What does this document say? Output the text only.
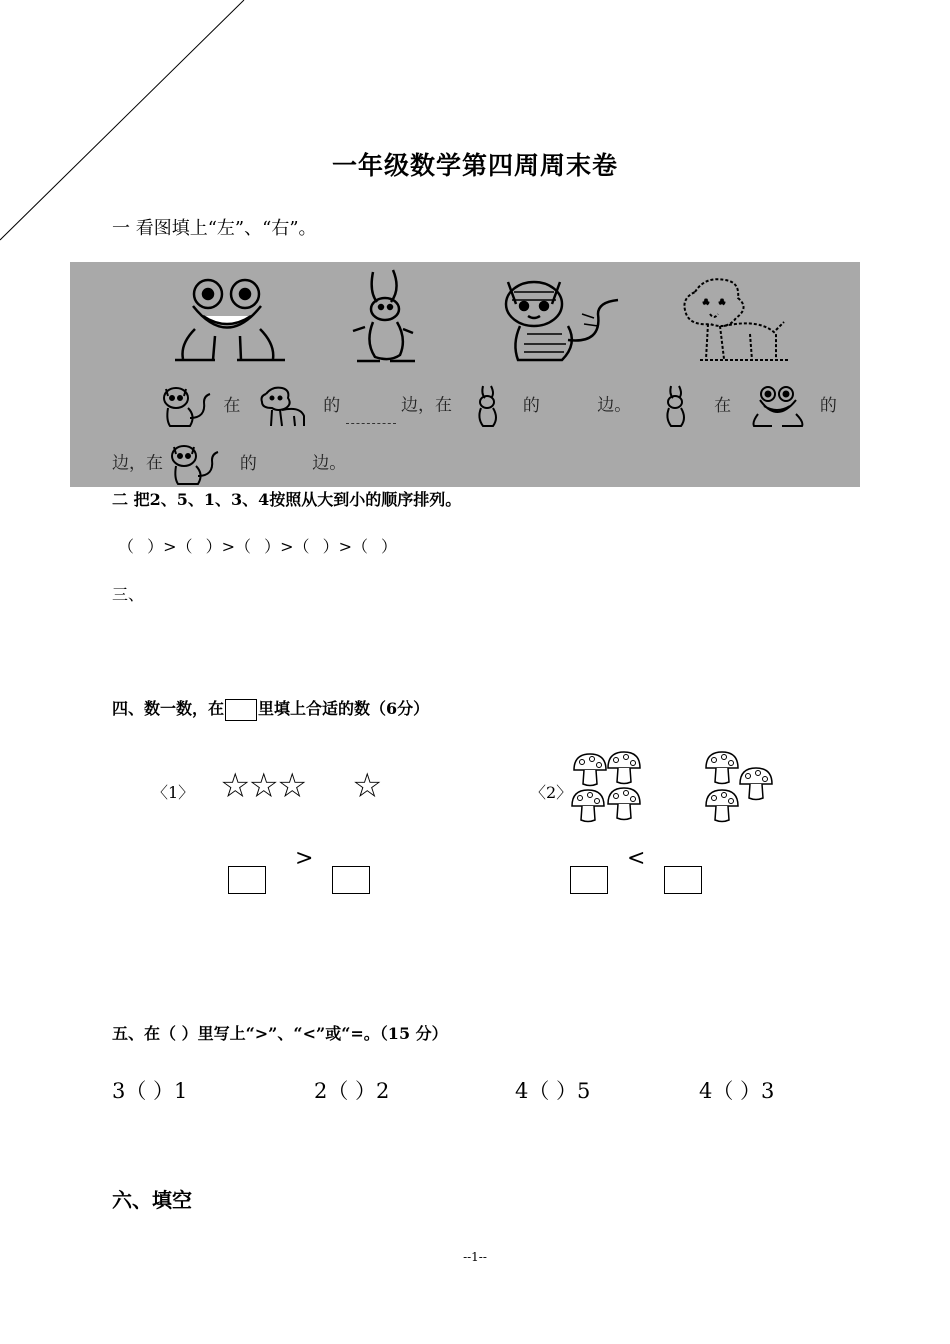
一年级数学第四周周末卷
一 看图填上“左”、“右”。
在	的	边，在	的	边。	在	的
边，在	的	边。
二 把2、5、1、3、4按照从大到小的顺序排列。
（ ）>（ ）>（ ）>（ ）>（ ）
三、
四、数一数，在 里填上合适的数（6分）
〈1〉 ☆☆☆ ☆	〈2〉
>	<
五、在（ ）里写上“>”、“<”或“=。（15 分）
3（ ）1	2（ ）2	4（ ）5	4（ ）3
六、填空
--1--
